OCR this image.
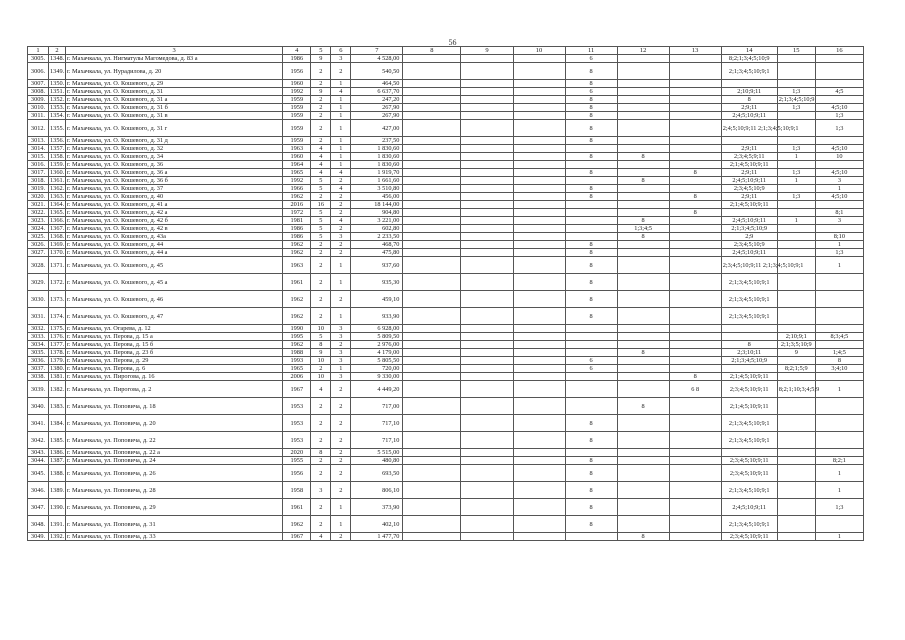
56
1	2	3	4	5	6	7	8	9	10	11	12	13	14	15	16
3005.	1348.	г. Махачкала, ул. Нигматулы Магомедова, д. 83 а	1986	9	3	4 528,00				6			8;2;1;3;4;5;10;9		
3006.	1349.	г. Махачкала, ул. Нурадилова, д. 20	1956	2	2	540,50				8			2;1;3;4;5;10;9;1		
3007.	1350.	г. Махачкала, ул. О. Кошевого, д. 29	1960	2	1	464,50				8					
3008.	1351.	г. Махачкала, ул. О. Кошевого, д. 31	1992	9	4	6 637,70				6			2;10;9;11	1;3	4;5
3009.	1352.	г. Махачкала, ул. О. Кошевого, д. 31 а	1959	2	1	247,20				8			8	2;1;3;4;5;10;9	
3010.	1353.	г. Махачкала, ул. О. Кошевого, д. 31 б	1959	2	1	267,90				8			2;9;11	1;3	4;5;10
3011.	1354.	г. Махачкала, ул. О. Кошевого, д. 31 в	1959	2	1	267,90				8			2;4;5;10;9;11		1;3
3012.	1355.	г. Махачкала, ул. О. Кошевого, д. 31 г	1959	2	1	427,00				8			2;4;5;10;9;11 2;1;3;4;5;10;9;1		1;3
3013.	1356.	г. Махачкала, ул. О. Кошевого, д. 31 д	1959	2	1	237,50				8					
3014.	1357.	г. Махачкала, ул. О. Кошевого, д. 32	1963	4	1	1 830,60							2;9;11	1;3	4;5;10
3015.	1358.	г. Махачкала, ул. О. Кошевого, д. 34	1960	4	1	1 830,60				8	8		2;3;4;5;9;11	1	10
3016.	1359.	г. Махачкала, ул. О. Кошевого, д. 36	1964	4	1	1 830,60							2;1;4;5;10;9;11		
3017.	1360.	г. Махачкала, ул. О. Кошевого, д. 36 а	1965	4	4	1 919,70				8		8	2;9;11	1;3	4;5;10
3018.	1361.	г. Махачкала, ул. О. Кошевого, д. 36 б	1992	5	2	1 661,60					8		2;4;5;10;9;11	1	3
3019.	1362.	г. Махачкала, ул. О. Кошевого, д. 37	1966	5	4	3 510,80				8			2;3;4;5;10;9		1
3020.	1363.	г. Махачкала, ул. О. Кошевого, д. 40	1962	2	2	456,00				8		8	2;9;11	1;3	4;5;10
3021.	1364.	г. Махачкала, ул. О. Кошевого, д. 41 а	2016	16	2	18 144,00							2;1;4;5;10;9;11		
3022.	1365.	г. Махачкала, ул. О. Кошевого, д. 42 а	1972	5	2	904,80						8			8;1
3023.	1366.	г. Махачкала, ул. О. Кошевого, д. 42 б	1981	5	4	3 221,00					8		2;4;5;10;9;11	1	3
3024.	1367.	г. Махачкала, ул. О. Кошевого, д. 42 в	1986	5	2	602,80					1;3;4;5		2;1;3;4;5;10;9		
3025.	1368.	г. Махачкала, ул. О. Кошевого, д. 43а	1986	5	3	2 233,50					8		2;9		8;10
3026.	1369.	г. Махачкала, ул. О. Кошевого, д. 44	1962	2	2	468,70				8			2;3;4;5;10;9		1
3027.	1370.	г. Махачкала, ул. О. Кошевого, д. 44 а	1962	2	2	475,80				8			2;4;5;10;9;11		1;3
3028.	1371.	г. Махачкала, ул. О. Кошевого, д. 45	1963	2	1	937,60				8			2;3;4;5;10;9;11 2;1;3;4;5;10;9;1		1
3029.	1372.	г. Махачкала, ул. О. Кошевого, д. 45 а	1961	2	1	935,30				8			2;1;3;4;5;10;9;1		
3030.	1373.	г. Махачкала, ул. О. Кошевого, д. 46	1962	2	2	459,10				8			2;1;3;4;5;10;9;1		
3031.	1374.	г. Махачкала, ул. О. Кошевого, д. 47	1962	2	1	933,90				8			2;1;3;4;5;10;9;1		
3032.	1375.	г. Махачкала, ул. Огарева, д. 12	1990	10	3	6 928,00									
3033.	1376.	г. Махачкала, ул. Перова, д. 15 а	1995	5	3	5 809,50								2;10;9;1	8;3;4;5
3034.	1377.	г. Махачкала, ул. Перова, д. 15 б	1962	8	2	2 976,00							8	2;1;3;5;10;9	
3035.	1378.	г. Махачкала, ул. Перова, д. 23 б	1988	9	3	4 179,00					8		2;3;10;11	9	1;4;5
3036.	1379.	г. Махачкала, ул. Перова, д. 29	1993	10	3	5 805,50				6			2;1;3;4;5;10;9		8
3037.	1380.	г. Махачкала, ул. Перова, д. 6	1965	2	1	720,00				6				8;2;1;5;9	3;4;10
3038.	1381.	г. Махачкала, ул. Пирогова, д. 16	2006	10	3	9 330,00						8	2;1;4;5;10;9;11		
3039.	1382.	г. Махачкала, ул. Пирогова, д. 2	1967	4	2	4 449,20						6 8	2;3;4;5;10;9;11	8;2;1;10;3;4;5;9	1
3040.	1383.	г. Махачкала, ул. Поповича, д. 18	1953	2	2	717,00					8		2;1;4;5;10;9;11		
3041.	1384.	г. Махачкала, ул. Поповича, д. 20	1953	2	2	717,10				8			2;1;3;4;5;10;9;1		
3042.	1385.	г. Махачкала, ул. Поповича, д. 22	1953	2	2	717,10				8			2;1;3;4;5;10;9;1		
3043.	1386.	г. Махачкала, ул. Поповича, д. 22 а	2020	8	2	5 515,00									
3044.	1387.	г. Махачкала, ул. Поповича, д. 24	1955	2	2	480,80				8			2;3;4;5;10;9;11		8;2;1
3045.	1388.	г. Махачкала, ул. Поповича, д. 26	1956	2	2	693,50				8			2;3;4;5;10;9;11		1
3046.	1389.	г. Махачкала, ул. Поповича, д. 28	1958	3	2	806,10				8			2;1;3;4;5;10;9;1		1
3047.	1390.	г. Махачкала, ул. Поповича, д. 29	1961	2	1	373,90				8			2;4;5;10;9;11		1;3
3048.	1391.	г. Махачкала, ул. Поповича, д. 31	1962	2	1	402,10				8			2;1;3;4;5;10;9;1		
3049.	1392.	г. Махачкала, ул. Поповича, д. 33	1967	4	2	1 477,70					8		2;3;4;5;10;9;11		1
